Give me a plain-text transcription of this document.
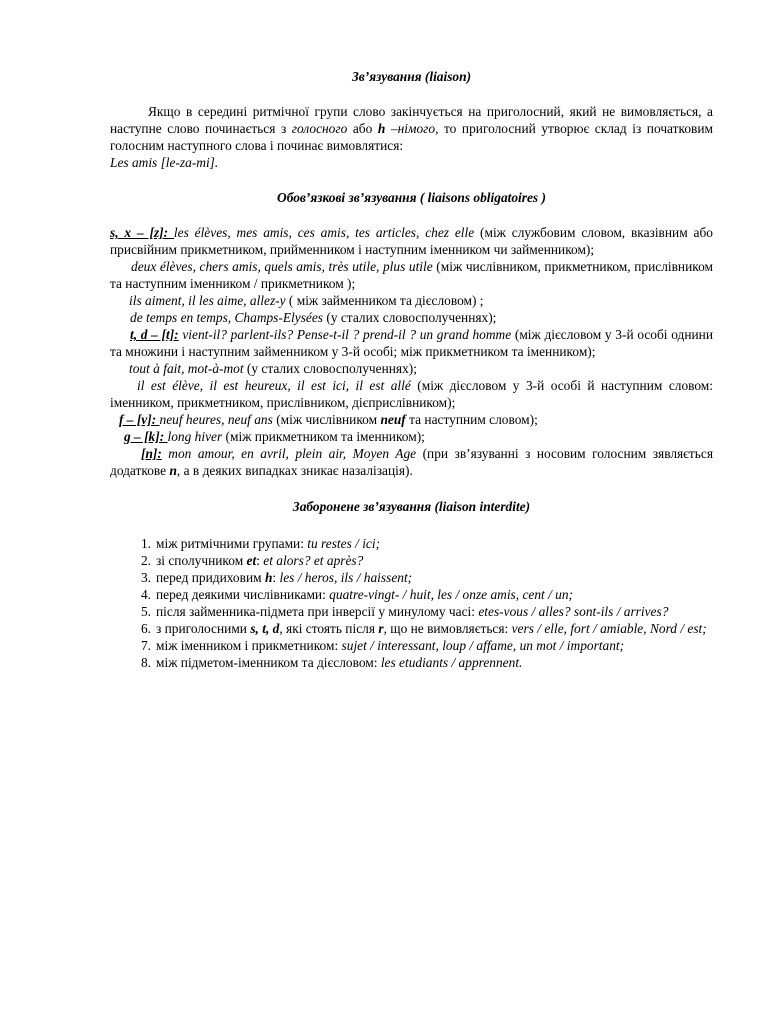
Зв’язування (liaison)

Якщо в середині ритмічної групи слово закінчується на приголосний, який не вимовляється, а наступне слово починається з голосного або h –німого, то приголосний утворює склад із початковим голосним наступного слова і починає вимовлятися:

Les amis [le-za-mi].

Обов’язкові зв’язування ( liaisons obligatoires )

s, x – [z]: les élèves, mes amis, ces amis, tes articles, chez elle (між службовим словом, вказівним або присвійним прикметником, прийменником і наступним іменником чи займенником);

deux élèves, chers amis, quels amis, très utile, plus utile (між числівником, прикметником, прислівником та наступним іменником / прикметником );

ils aiment, il les aime, allez-y ( між займенником та дієсловом) ;

de temps en temps, Champs-Elysées (у сталих словосполученнях);

t, d – [t]: vient-il? parlent-ils? Pense-t-il ? prend-il ? un grand homme (між дієсловом у 3-й особі однини та множини і наступним займенником у 3-й особі; між прикметником та іменником);

tout à fait, mot-à-mot (у сталих словосполученнях);

il est élève, il est heureux, il est ici, il est allé (між дієсловом у 3-й особі й наступним словом: іменником, прикметником, прислівником, дієприслівником);

f – [v]: neuf heures, neuf ans (між числівником neuf та наступним словом);

g – [k]: long hiver (між прикметником та іменником);

[n]: mon amour, en avril, plein air, Moyen Age (при зв’язуванні з носовим голосним зявляється додаткове n, а в деяких випадках зникає назалізація).

Заборонене зв’язування (liaison interdite)
1. між ритмічними групами: tu restes / ici;
2. зі сполучником et: et alors? et après?
3. перед придиховим h: les / heros, ils / haissent;
4. перед деякими числівниками: quatre-vingt- / huit, les / onze amis, cent / un;
5. після займенника-підмета при інверсії у минулому часі: etes-vous / alles? sont-ils / arrives?
6. з приголосними s, t, d, які стоять після r, що не вимовляється: vers / elle, fort / amiable, Nord / est;
7. між іменником і прикметником: sujet / interessant, loup / affame, un mot / important;
8. між підметом-іменником та дієсловом: les etudiants / apprennent.
